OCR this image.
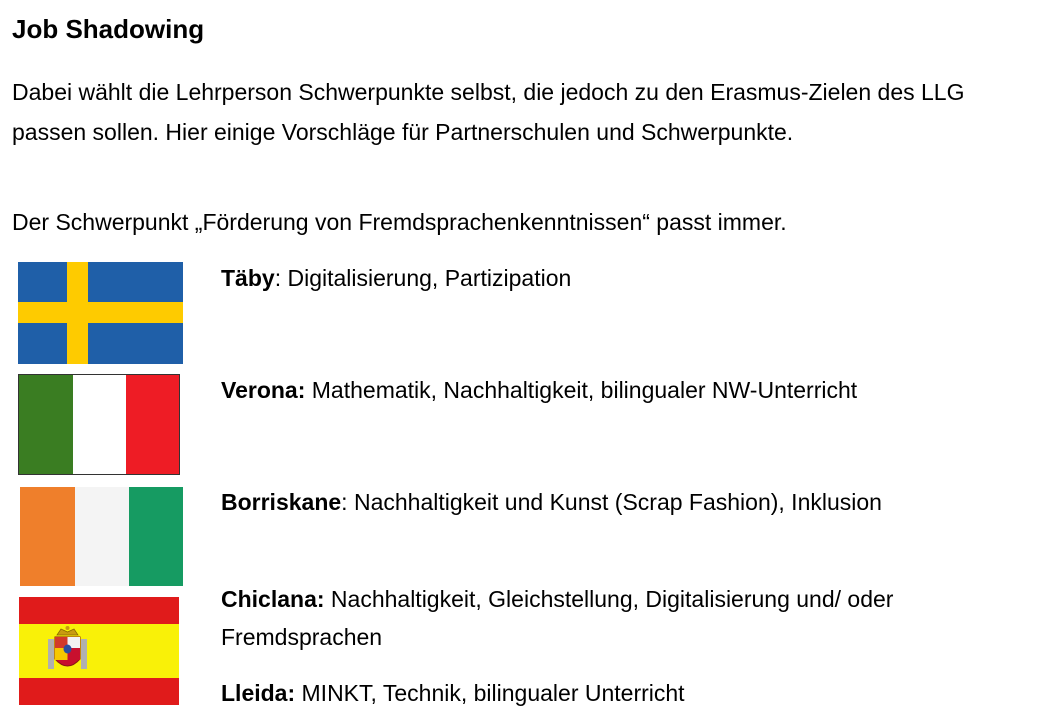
Job Shadowing
Dabei wählt die Lehrperson Schwerpunkte selbst, die jedoch zu den Erasmus-Zielen des LLG passen sollen. Hier einige Vorschläge für Partnerschulen und Schwerpunkte.
Der Schwerpunkt „Förderung von Fremdsprachenkenntnissen“ passt immer.
Täby: Digitalisierung, Partizipation
Verona: Mathematik, Nachhaltigkeit, bilingualer NW-Unterricht
Borriskane: Nachhaltigkeit und Kunst (Scrap Fashion), Inklusion
Chiclana: Nachhaltigkeit, Gleichstellung, Digitalisierung und/ oder Fremdsprachen
Lleida: MINKT, Technik, bilingualer Unterricht
